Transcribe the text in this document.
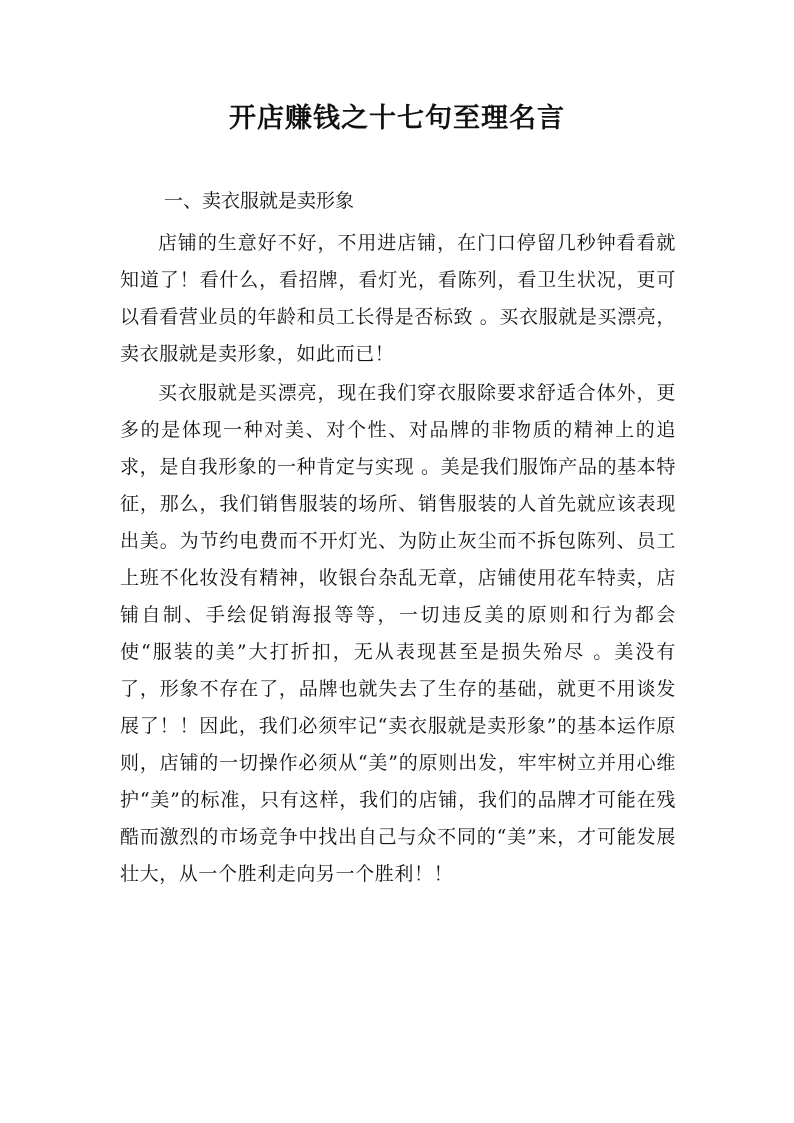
开店赚钱之十七句至理名言
一、卖衣服就是卖形象

店铺的生意好不好，不用进店铺，在门口停留几秒钟看看就知道了！看什么，看招牌，看灯光，看陈列，看卫生状况，更可以看看营业员的年龄和员工长得是否标致 。买衣服就是买漂亮，卖衣服就是卖形象，如此而已！

买衣服就是买漂亮，现在我们穿衣服除要求舒适合体外，更多的是体现一种对美、对个性、对品牌的非物质的精神上的追求，是自我形象的一种肯定与实现 。美是我们服饰产品的基本特征，那么，我们销售服装的场所、销售服装的人首先就应该表现出美。为节约电费而不开灯光、为防止灰尘而不拆包陈列、员工上班不化妆没有精神，收银台杂乱无章，店铺使用花车特卖，店铺自制、手绘促销海报等等，一切违反美的原则和行为都会使“服装的美”大打折扣，无从表现甚至是损失殆尽 。美没有了，形象不存在了，品牌也就失去了生存的基础，就更不用谈发展了！！因此，我们必须牢记“卖衣服就是卖形象”的基本运作原则，店铺的一切操作必须从“美”的原则出发，牢牢树立并用心维护“美”的标准，只有这样，我们的店铺，我们的品牌才可能在残酷而激烈的市场竞争中找出自己与众不同的“美”来，才可能发展壮大，从一个胜利走向另一个胜利！！
